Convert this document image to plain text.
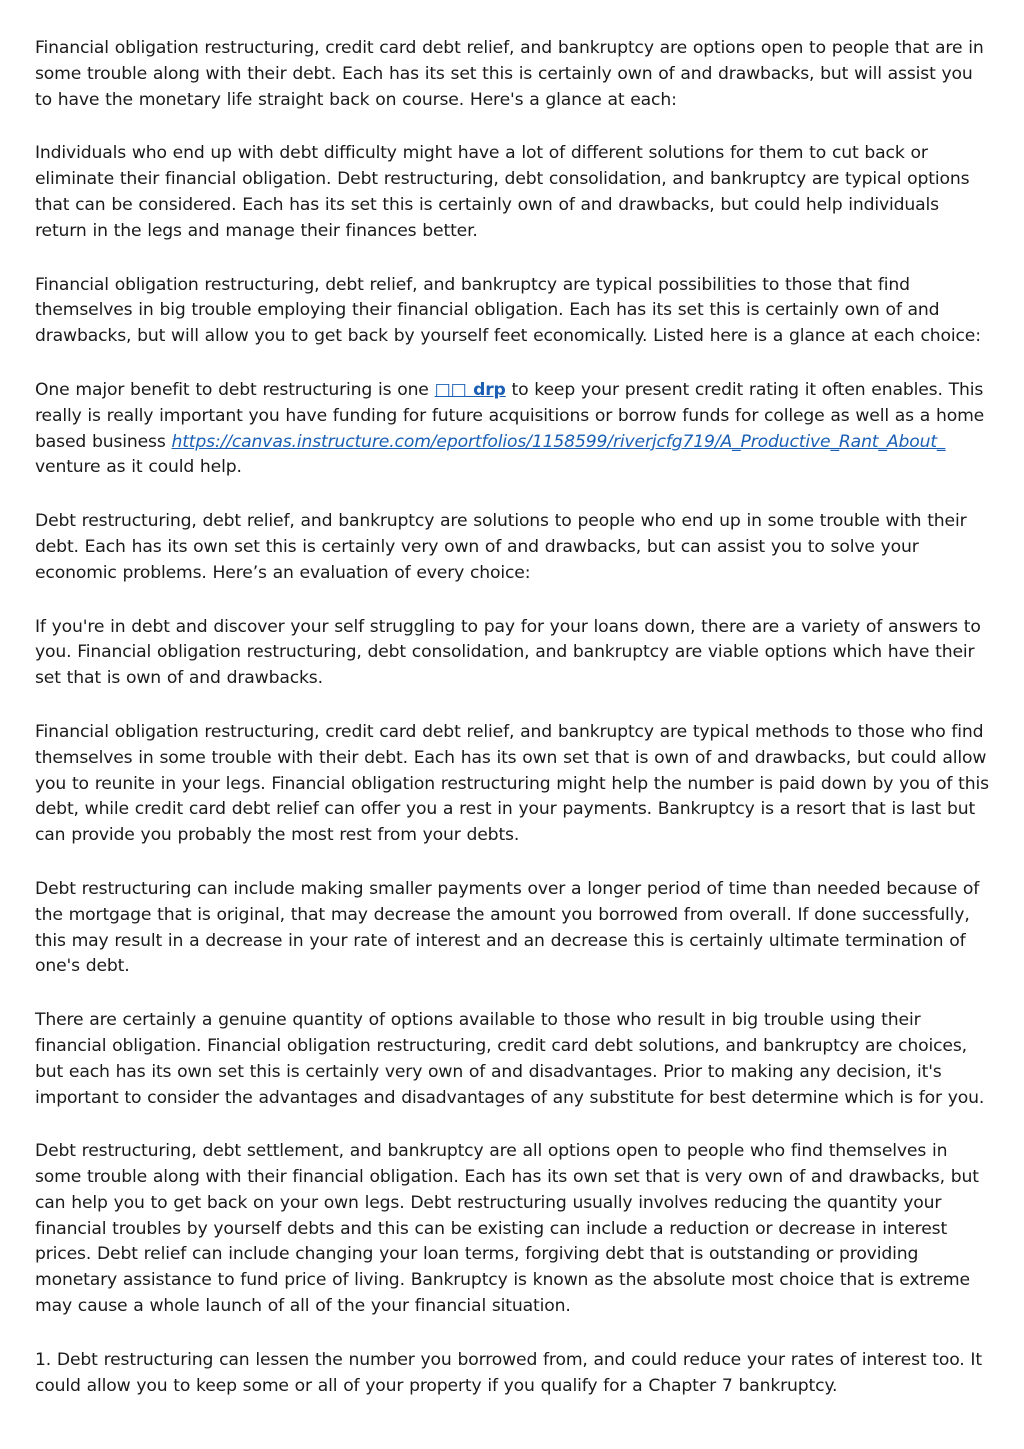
Financial obligation restructuring, credit card debt relief, and bankruptcy are options open to people that are in some trouble along with their debt. Each has its set this is certainly own of and drawbacks, but will assist you to have the monetary life straight back on course. Here's a glance at each:

Individuals who end up with debt difficulty might have a lot of different solutions for them to cut back or eliminate their financial obligation. Debt restructuring, debt consolidation, and bankruptcy are typical options that can be considered. Each has its set this is certainly own of and drawbacks, but could help individuals return in the legs and manage their finances better.

Financial obligation restructuring, debt relief, and bankruptcy are typical possibilities to those that find themselves in big trouble employing their financial obligation. Each has its set this is certainly own of and drawbacks, but will allow you to get back by yourself feet economically. Listed here is a glance at each choice:

One major benefit to debt restructuring is one □□ drp to keep your present credit rating it often enables. This really is really important you have funding for future acquisitions or borrow funds for college as well as a home based business https://canvas.instructure.com/eportfolios/1158599/riverjcfg719/A_Productive_Rant_About_ venture as it could help.

Debt restructuring, debt relief, and bankruptcy are solutions to people who end up in some trouble with their debt. Each has its own set this is certainly very own of and drawbacks, but can assist you to solve your economic problems. Here’s an evaluation of every choice:

If you're in debt and discover your self struggling to pay for your loans down, there are a variety of answers to you. Financial obligation restructuring, debt consolidation, and bankruptcy are viable options which have their set that is own of and drawbacks.

Financial obligation restructuring, credit card debt relief, and bankruptcy are typical methods to those who find themselves in some trouble with their debt. Each has its own set that is own of and drawbacks, but could allow you to reunite in your legs. Financial obligation restructuring might help the number is paid down by you of this debt, while credit card debt relief can offer you a rest in your payments. Bankruptcy is a resort that is last but can provide you probably the most rest from your debts.

Debt restructuring can include making smaller payments over a longer period of time than needed because of the mortgage that is original, that may decrease the amount you borrowed from overall. If done successfully, this may result in a decrease in your rate of interest and an decrease this is certainly ultimate termination of one's debt.

There are certainly a genuine quantity of options available to those who result in big trouble using their financial obligation. Financial obligation restructuring, credit card debt solutions, and bankruptcy are choices, but each has its own set this is certainly very own of and disadvantages. Prior to making any decision, it's important to consider the advantages and disadvantages of any substitute for best determine which is for you.

Debt restructuring, debt settlement, and bankruptcy are all options open to people who find themselves in some trouble along with their financial obligation. Each has its own set that is very own of and drawbacks, but can help you to get back on your own legs. Debt restructuring usually involves reducing the quantity your financial troubles by yourself debts and this can be existing can include a reduction or decrease in interest prices. Debt relief can include changing your loan terms, forgiving debt that is outstanding or providing monetary assistance to fund price of living. Bankruptcy is known as the absolute most choice that is extreme may cause a whole launch of all of the your financial situation.

1. Debt restructuring can lessen the number you borrowed from, and could reduce your rates of interest too. It could allow you to keep some or all of your property if you qualify for a Chapter 7 bankruptcy.
